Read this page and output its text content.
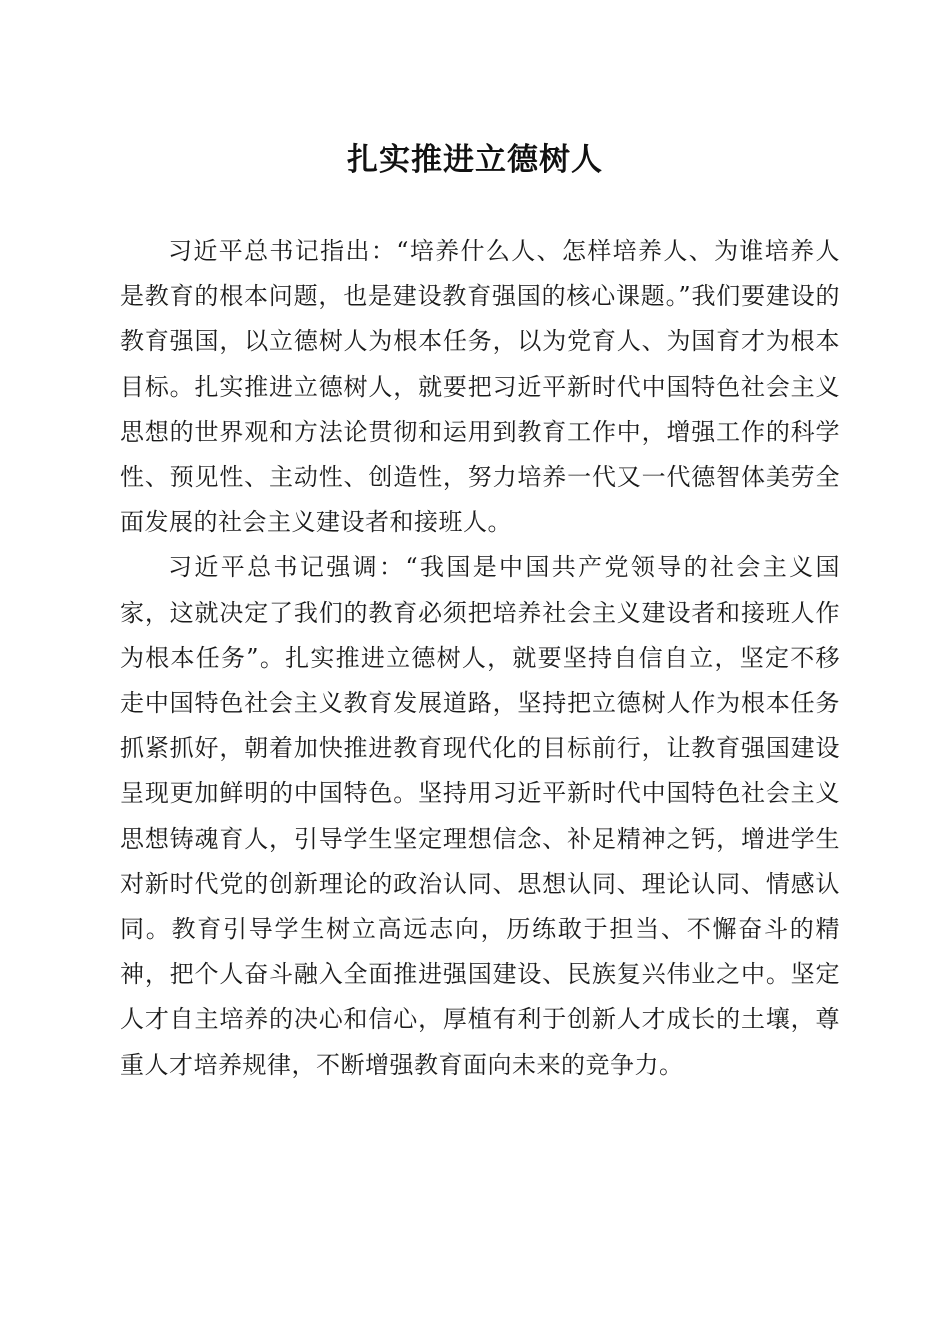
扎实推进立德树人

习近平总书记指出：“培养什么人、怎样培养人、为谁培养人是教育的根本问题，也是建设教育强国的核心课题。”我们要建设的教育强国，以立德树人为根本任务，以为党育人、为国育才为根本目标。扎实推进立德树人，就要把习近平新时代中国特色社会主义思想的世界观和方法论贯彻和运用到教育工作中，增强工作的科学性、预见性、主动性、创造性，努力培养一代又一代德智体美劳全面发展的社会主义建设者和接班人。

习近平总书记强调：“我国是中国共产党领导的社会主义国家，这就决定了我们的教育必须把培养社会主义建设者和接班人作为根本任务”。扎实推进立德树人，就要坚持自信自立，坚定不移走中国特色社会主义教育发展道路，坚持把立德树人作为根本任务抓紧抓好，朝着加快推进教育现代化的目标前行，让教育强国建设呈现更加鲜明的中国特色。坚持用习近平新时代中国特色社会主义思想铸魂育人，引导学生坚定理想信念、补足精神之钙，增进学生对新时代党的创新理论的政治认同、思想认同、理论认同、情感认同。教育引导学生树立高远志向，历练敢于担当、不懈奋斗的精神，把个人奋斗融入全面推进强国建设、民族复兴伟业之中。坚定人才自主培养的决心和信心，厚植有利于创新人才成长的土壤，尊重人才培养规律，不断增强教育面向未来的竞争力。
